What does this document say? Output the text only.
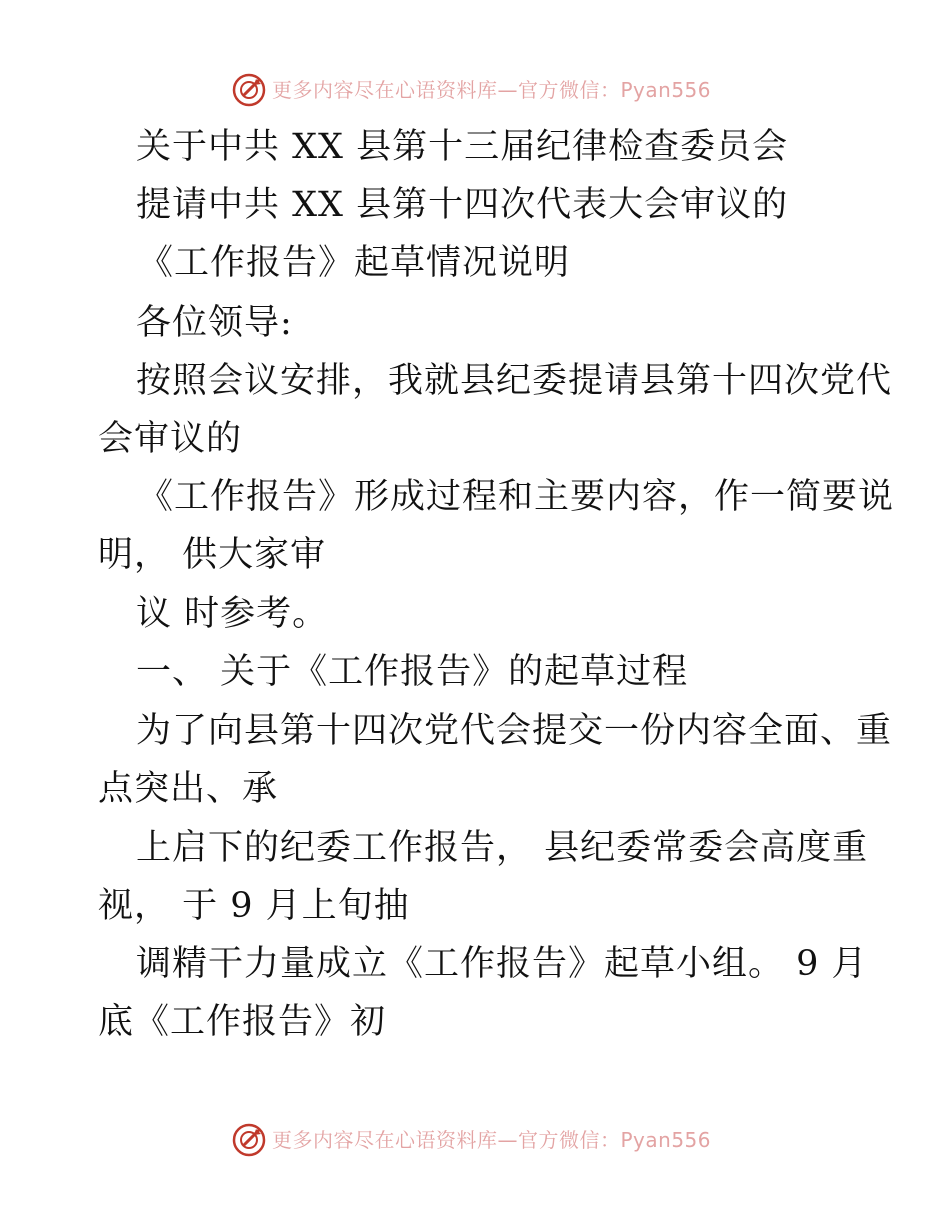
更多内容尽在心语资料库—官方微信：Pyan556
关于中共 XX 县第十三届纪律检查委员会
提请中共 XX 县第十四次代表大会审议的
《工作报告》起草情况说明
各位领导:
按照会议安排，我就县纪委提请县第十四次党代
会审议的
《工作报告》形成过程和主要内容，作一简要说
明， 供大家审
议 时参考。
一、 关于《工作报告》的起草过程
为了向县第十四次党代会提交一份内容全面、重
点突出、承
上启下的纪委工作报告， 县纪委常委会高度重
视， 于 9 月上旬抽
调精干力量成立《工作报告》起草小组。 9 月
底《工作报告》初
更多内容尽在心语资料库—官方微信：Pyan556
